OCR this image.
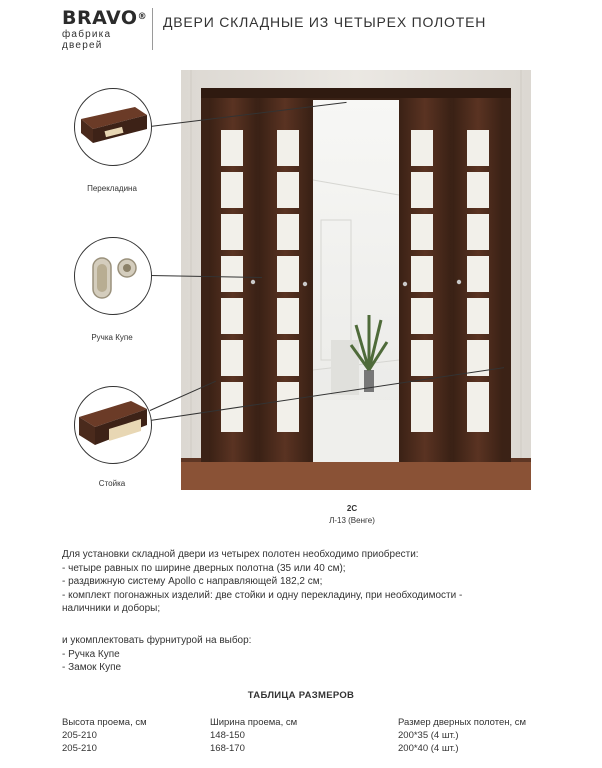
BRAVO®
фабрика дверей
ДВЕРИ СКЛАДНЫЕ ИЗ ЧЕТЫРЕХ ПОЛОТЕН
Перекладина
Ручка Купе
Стойка
2С
Л-13 (Венге)
Для установки складной двери из четырех полотен необходимо приобрести:
- четыре равных по ширине дверных полотна (35 или 40 см);
- раздвижную систему Apollo с направляющей 182,2 см;
- комплект погонажных изделий: две стойки и одну перекладину, при необходимости -
наличники и доборы;
и укомплектовать фурнитурой на выбор:
- Ручка Купе
- Замок Купе
ТАБЛИЦА РАЗМЕРОВ
Высота проема, см
205-210
205-210
Ширина проема, см
148-150
168-170
Размер дверных полотен, см
200*35 (4 шт.)
200*40 (4 шт.)
